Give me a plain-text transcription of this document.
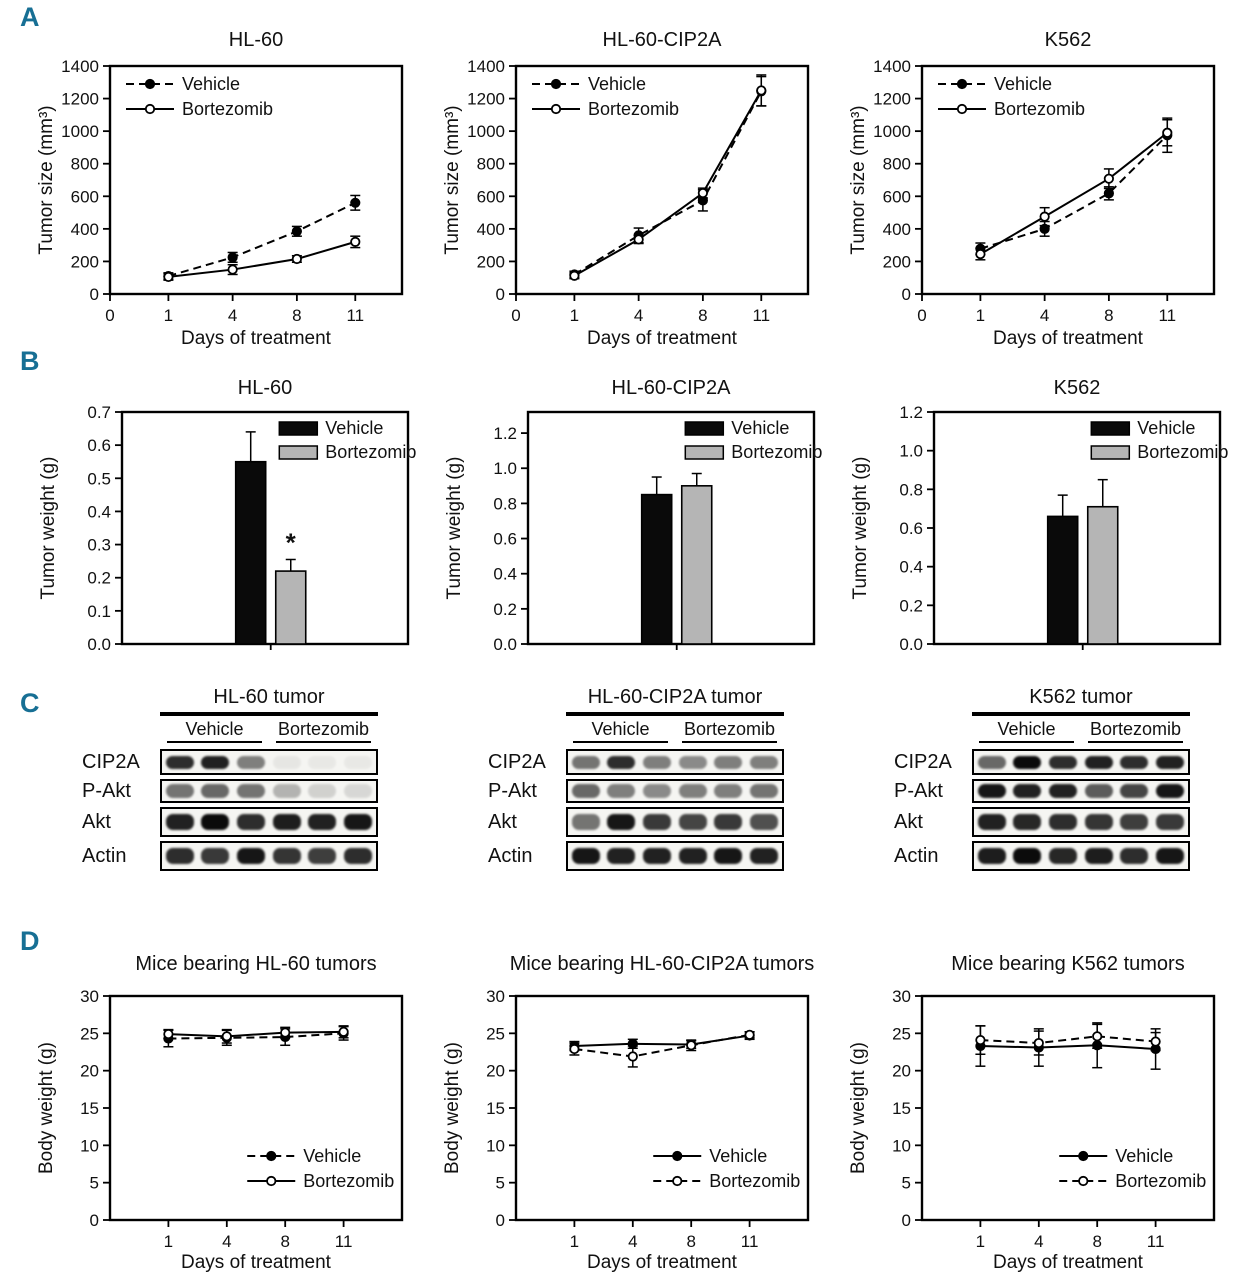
A
HL-60
Tumor size (mm³)
0
200
400
600
800
1000
1200
1400
0	1	4	8	11
Days of treatment
Vehicle
Bortezomib
HL-60-CIP2A
Tumor size (mm³)
0
200
400
600
800
1000
1200
1400
0	1	4	8	11
Days of treatment
Vehicle
Bortezomib
K562
Tumor size (mm³)
0
200
400
600
800
1000
1200
1400
0	1	4	8	11
Days of treatment
Vehicle
Bortezomib
B
HL-60
Tumor weight (g)
0.0
0.1
0.2
0.3
0.4
0.5
0.6
0.7
*
Vehicle
Bortezomib
HL-60-CIP2A
Tumor weight (g)
0.0
0.2
0.4
0.6
0.8
1.0
1.2	Vehicle
Bortezomib
K562
Tumor weight (g)
0.0
0.2
0.4
0.6
0.8
1.0
1.2
Vehicle
Bortezomib
C	HL-60 tumor
Vehicle	Bortezomib
CIP2A
P-Akt
Akt
Actin
HL-60-CIP2A tumor
Vehicle	Bortezomib
CIP2A
P-Akt
Akt
Actin
K562 tumor
Vehicle	Bortezomib
CIP2A
P-Akt
Akt
Actin
D
Mice bearing HL-60 tumors
Body weight (g)
0
5
10
15
20
25
30
1	4	8	11
Days of treatment
Vehicle
Bortezomib
Mice bearing HL-60-CIP2A tumors
Body weight (g)
0
5
10
15
20
25
30
1	4	8	11
Days of treatment
Vehicle
Bortezomib
Mice bearing K562 tumors
Body weight (g)
0
5
10
15
20
25
30
1	4	8	11
Days of treatment
Vehicle
Bortezomib
